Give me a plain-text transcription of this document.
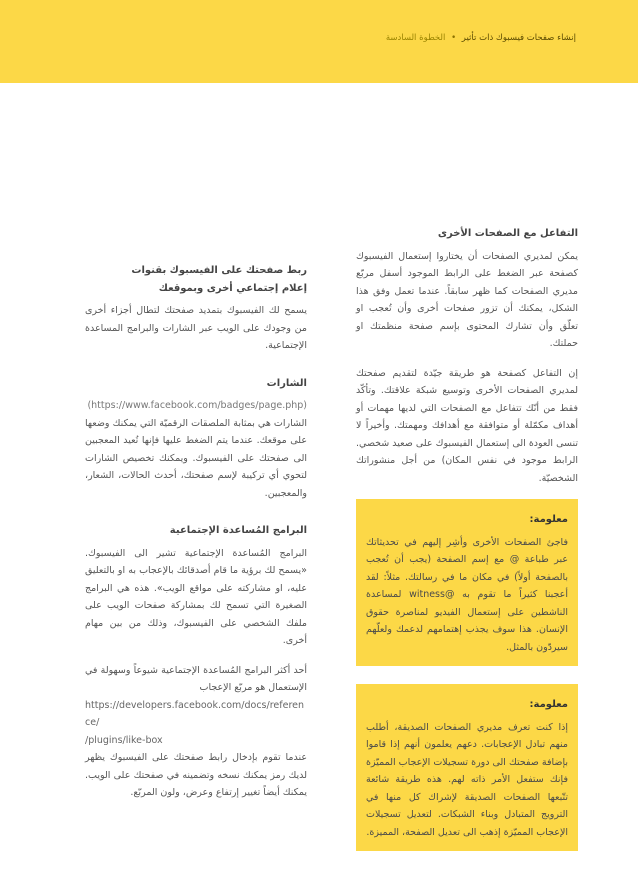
إنشاء صفحات فيسبوك ذات تأثير • الخطوة السادسة
التفاعل مع الصفحات الأخرى

يمكن لمديري الصفحات أن يختاروا إستعمال الفيسبوك كصفحة عبر الضغط على الرابط الموجود أسفل مربّع مديري الصفحات كما ظهر سابقاً. عندما تعمل وفق هذا الشكل، يمكنك أن تزور صفحات أخرى وأن تُعجب او تعلّق وأن تشارك المحتوى بإسم صفحة منظمتك او حملتك.

إن التفاعل كصفحة هو طريقة جيّدة لتقديم صفحتك لمديري الصفحات الأخرى وتوسيع شبكة علاقتك. وتأكّد فقط من أنّك تتفاعل مع الصفحات التي لديها مهمات أو أهداف مكمّلة أو متوافقة مع أهدافك ومهمتك. وأخيراً لا تنسى العودة الى إستعمال الفيسبوك على صعيد شخصي. الرابط موجود في نفس المكان) من أجل منشوراتك الشخصيّة.

معلومة:

فاجئ الصفحات الأخرى وأشِر إليهم في تحديثاتك عبر طباعة @ مع إسم الصفحة (يجب أن تُعجب بالصفحة أولاً) في مكان ما في رسالتك. مثلاً: لقد أعجبنا كثيراً ما تقوم به @witness لمساعدة الناشطين على إستعمال الفيديو لمناصرة حقوق الإنسان. هذا سوف يجذب إهتمامهم لدعمك ولعلّهم سيردّون بالمثل.

معلومة:

إذا كنت تعرف مديري الصفحات الصديقة، أطلب منهم تبادل الإعجابات. دعهم يعلمون أنهم إذا قاموا بإضافة صفحتك الى دورة تسجيلات الإعجاب المميّزة فإنك ستفعل الأمر ذاته لهم. هذه طريقة شائعة تتّبعها الصفحات الصديقة لإشراك كل منها في الترويج المتبادل وبناء الشبكات. لتعديل تسجيلات الإعجاب المميّزة إذهب الى تعديل الصفحة، المميزة.

ربط صفحتك على الفيسبوك بقنوات
إعلام إجتماعي أخرى وبموقعك

يسمح لك الفيسبوك بتمديد صفحتك لتطال أجزاء أخرى من وجودك على الويب عبر الشارات والبرامج المساعدة الإجتماعية.

الشارات

(https://www.facebook.com/badges/page.php) الشارات هي بمثابة الملصقات الرقميّة التي يمكنك وضعها على موقعك. عندما يتم الضغط عليها فإنها تُعيد المعجبين الى صفحتك على الفيسبوك. ويمكنك تخصيص الشارات لتحوي أي تركيبة لإسم صفحتك، أحدث الحالات، الشعار، والمعجبين.

البرامج المُساعدة الإجتماعية

البرامج المُساعدة الإجتماعية تشير الى الفيسبوك. «يسمح لك برؤية ما قام أصدقائك بالإعجاب به او بالتعليق عليه، او مشاركته على مواقع الويب». هذه هي البرامج الصغيرة التي تسمح لك بمشاركة صفحات الويب على ملفك الشخصي على الفيسبوك، وذلك من بين مهام أخرى.

أحد أكثر البرامج المُساعدة الإجتماعية شيوعاً وسهولة في الإستعمال هو مربّع الإعجاب

https://developers.facebook.com/docs/reference/

/plugins/like-box

عندما تقوم بإدخال رابط صفحتك على الفيسبوك يظهر لديك رمز يمكنك نسخه وتضمينه في صفحتك على الويب. يمكنك أيضاً تغيير إرتفاع وعرض، ولون المربّع.
